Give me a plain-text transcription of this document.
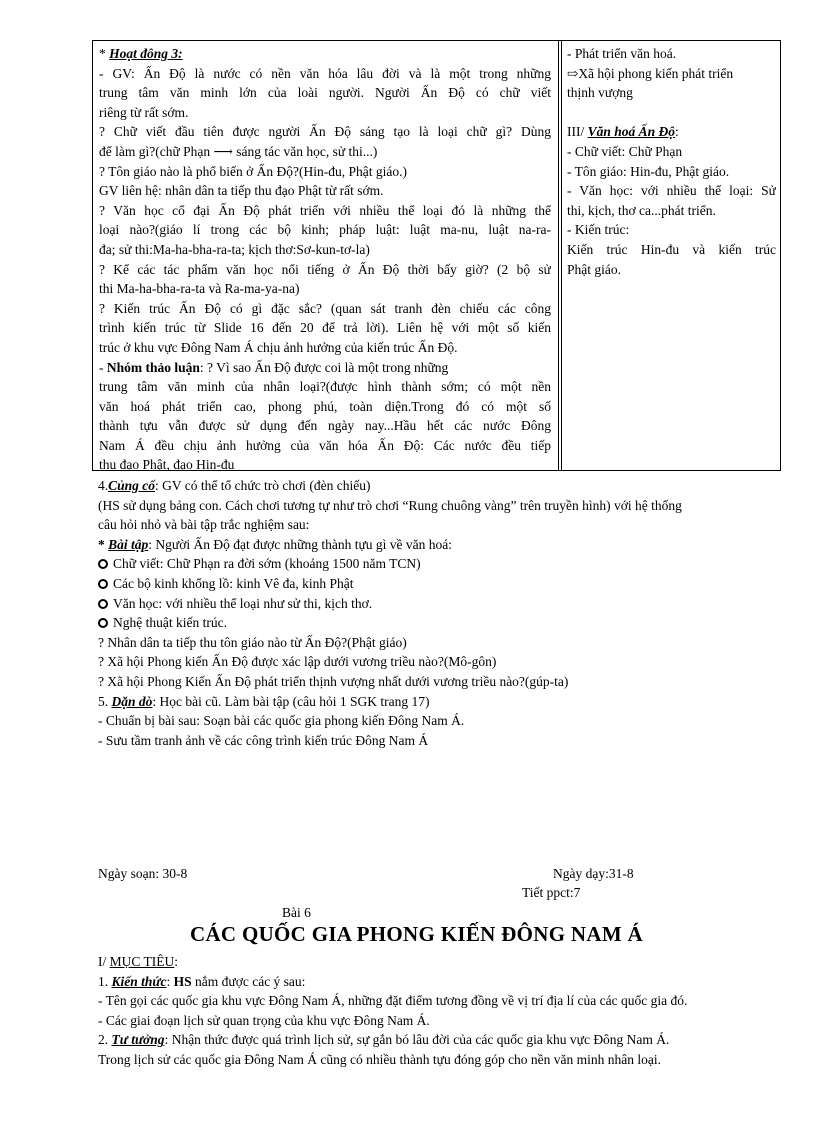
* Hoạt đông 3:
- GV: Ấn Độ là nước có nền văn hóa lâu đời và là một trong những
trung tâm văn minh lớn của loài người. Người Ấn Độ có chữ viết
riêng từ rất sớm.
? Chữ viết đầu tiên được người Ấn Độ sáng tạo là loại chữ gì? Dùng
để làm gì?(chữ Phạn ⟶ sáng tác văn học, sử thi...)
? Tôn giáo nào là phổ biến ở Ấn Độ?(Hin-đu, Phật giáo.)
GV liên hệ: nhân dân ta tiếp thu đạo Phật từ rất sớm.
? Văn học cổ đại Ấn Độ phát triển với nhiều thể loại đó là những thể
loại nào?(giáo lí trong các bộ kinh; pháp luật: luật ma-nu, luật na-ra-
đa; sử thi:Ma-ha-bha-ra-ta; kịch thơ:Sơ-kun-tơ-la)
? Kể các tác phẩm văn học nổi tiếng ở Ấn Độ thời bấy giờ? (2 bộ sử
thi Ma-ha-bha-ra-ta và Ra-ma-ya-na)
? Kiến trúc Ấn Độ có gì đặc sắc? (quan sát tranh đèn chiếu các công
trình kiến trúc từ Slide 16 đến 20 để trả lời). Liên hệ với một số kiến
trúc ở khu vực Đông Nam Á chịu ảnh hưởng của kiến trúc Ấn Độ.
- Nhóm thảo luận: ? Vì sao Ấn Độ được coi là một trong những
trung tâm văn minh của nhân loại?(được hình thành sớm; có một nền
văn hoá phát triển cao, phong phú, toàn diện.Trong đó có một số
thành tựu vẫn được sử dụng đến ngày nay...Hầu hết các nước Đông
Nam Á đều chịu ảnh hưởng của văn hóa Ấn Độ: Các nước đều tiếp
thu đạo Phật, đạo Hin-đu
- Phát triển văn hoá.
⇨Xã hội phong kiến phát triển
thịnh vượng
III/ Văn hoá Ấn Độ:
- Chữ viết: Chữ Phạn
- Tôn giáo: Hin-đu, Phật giáo.
- Văn học: với nhiều thể loại: Sử
thi, kịch, thơ ca...phát triển.
- Kiến trúc:
Kiến trúc Hin-đu và kiến trúc
Phật giáo.
4.Củng cố: GV có thể tổ chức trò chơi (đèn chiếu)
(HS sử dụng bảng con. Cách chơi tương tự như trò chơi “Rung chuông vàng” trên truyền hình) với hệ thống
câu hỏi nhỏ và bài tập trắc nghiệm sau:
* Bài tập: Người Ấn Độ đạt được những thành tựu gì về văn hoá:
Chữ viết: Chữ Phạn ra đời sớm (khoảng 1500 năm TCN)
Các bộ kinh khổng lồ: kinh Vê đa, kinh Phật
Văn học: với nhiều thể loại như sử thi, kịch thơ.
Nghệ thuật kiến trúc.
? Nhân dân ta tiếp thu tôn giáo nào từ Ấn Độ?(Phật giáo)
? Xã hội Phong kiến Ấn Độ được xác lập dưới vương triều nào?(Mô-gôn)
? Xã hội Phong Kiến Ấn Độ phát triển thịnh vượng nhất dưới vương triều nào?(gúp-ta)
5. Dặn dò: Học bài cũ. Làm bài tập (câu hỏi 1 SGK trang 17)
- Chuẩn bị bài sau: Soạn bài các quốc gia phong kiến Đông Nam Á.
- Sưu tầm tranh ảnh về các công trình kiến trúc Đông Nam Á
Ngày soạn: 30-8	Ngày dạy:31-8
Tiết ppct:7
Bài 6
CÁC QUỐC GIA PHONG KIẾN ĐÔNG NAM Á
I/ MỤC TIÊU:
1. Kiến thức: HS nắm được các ý sau:
- Tên gọi các quốc gia khu vực Đông Nam Á, những đặt điểm tương đồng về vị trí địa lí của các quốc gia đó.
- Các giai đoạn lịch sử quan trọng của khu vực Đông Nam Á.
2. Tư tưởng: Nhận thức được quá trình lịch sử, sự gắn bó lâu đời của các quốc gia khu vực Đông Nam Á.
Trong lịch sử các quốc gia Đông Nam Á cũng có nhiều thành tựu đóng góp cho nền văn minh nhân loại.
